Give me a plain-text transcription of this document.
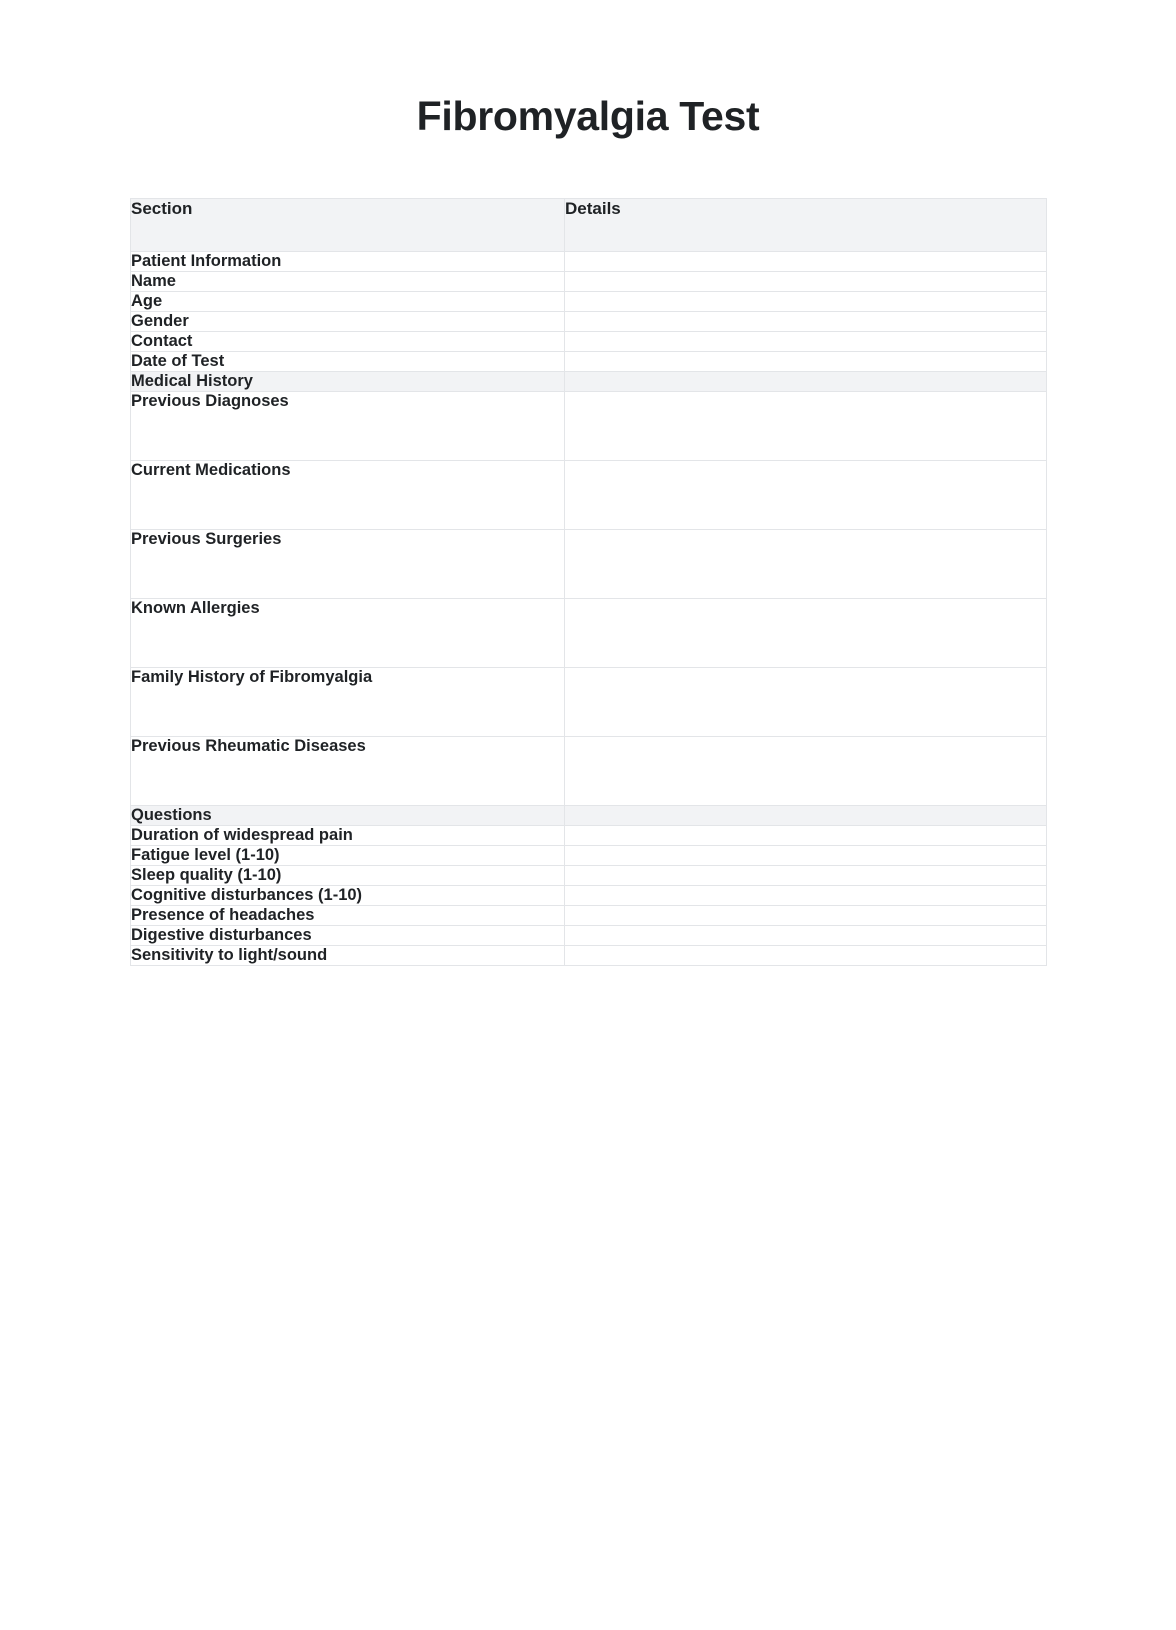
Fibromyalgia Test
Section	Details
Patient Information	
Name	
Age	
Gender	
Contact	
Date of Test	
Medical History	
Previous Diagnoses	
Current Medications	
Previous Surgeries	
Known Allergies	
Family History of Fibromyalgia	
Previous Rheumatic Diseases	
Questions	
Duration of widespread pain	
Fatigue level (1-10)	
Sleep quality (1-10)	
Cognitive disturbances (1-10)	
Presence of headaches	
Digestive disturbances	
Sensitivity to light/sound	
